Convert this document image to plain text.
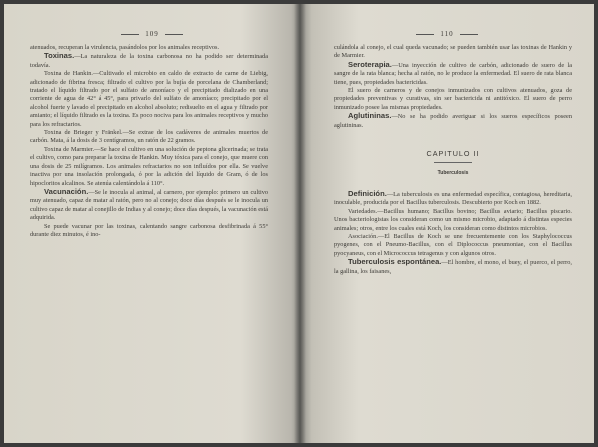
109

atenuados, recuperan la virulencia, pasándolos por los animales receptivos.

Toxinas.—La naturaleza de la toxina carbonosa no ha podido ser determinada todavía.

Toxina de Hankin.—Cultivado el microbio en caldo de extracto de carne de Liebig, adicionado de fibrina fresca; filtrado el cultivo por la bujía de porcelana de Chamberland; tratado el líquido filtrado por el sulfato de amoníaco y el precipitado dializado en una corriente de agua de 42° á 45°, para privarlo del sulfato de amoníaco; precipitado por el alcohol fuerte y lavado el precipitado en alcohol absoluto; redisuelto en el agua y filtrado por amianto; el líquido filtrado es la toxina. Es poco nociva para los animales receptivos y mucho para los refractarios.

Toxina de Brieger y Fränkel.—Se extrae de los cadáveres de animales muertos de carbón. Mata, á la dosis de 3 centígramos, un ratón de 22 gramos.

Toxina de Marmier.—Se hace el cultivo en una solución de peptona glicerinada; se trata el cultivo, como para preparar la toxina de Hankin. Muy tóxica para el conejo, que muere con una dosis de 25 milígramos. Los animales refractarios no son influídos por ella. Se vuelve inactiva por una insolación prolongada, ó por la adición del líquido de Gram, ó de los hipocloritos alcalinos. Se atenúa calentándola á 110°.

Vacunación.—Se le inocula al animal, al carnero, por ejemplo: primero un cultivo muy atenuado, capaz de matar al ratón, pero no al conejo; doce días después se le inocula un cultivo capaz de matar al conejillo de Indias y al conejo; doce días después, la vacunación está adquirida.

Se puede vacunar por las toxinas, calentando sangre carbonosa desfibrinada á 55° durante diez minutos, é ino-

110

culándola al conejo, el cual queda vacunado; se pueden también usar las toxinas de Hankin y de Marmier.

Seroterapia.—Una inyección de cultivo de carbón, adicionado de suero de la sangre de la rata blanca; hecha al ratón, no le produce la enfermedad. El suero de rata blanca tiene, pues, propiedades bactericidas.

El suero de carneros y de conejos inmunizados con cultivos atenuados, goza de propiedades preventivas y curativas, sin ser bactericida ni antitóxico. El suero de perro inmunizado posee las mismas propiedades.

Aglutininas.—No se ha podido averiguar si los sueros específicos poseen aglutininas.

CAPITULO II
Tuberculosis

Definición.—La tuberculosis es una enfermedad específica, contagiosa, hereditaria, inoculable, producida por el Bacillus tuberculosis. Descubierto por Koch en 1882.

Variedades.—Bacillus humano; Bacillus bovino; Bacillus aviario; Bacillus piscario. Unos bacteriologistas los consideran como un mismo microbio, adaptado á distintas especies animales; otros, entre los cuales está Koch, los consideran como distintos microbios.

Asociación.—El Bacillus de Koch se une frecuentemente con los Staphylococcus pyogenes, con el Pneumo-Bacillus, con el Diplococcus pneumoniae, con el Bacillus pyocyaneus, con el Micrococcus tetragenus y con algunos otros.

Tuberculosis espontánea.—El hombre, el mono, el buey, el puerco, el perro, la gallina, los faisanes,
